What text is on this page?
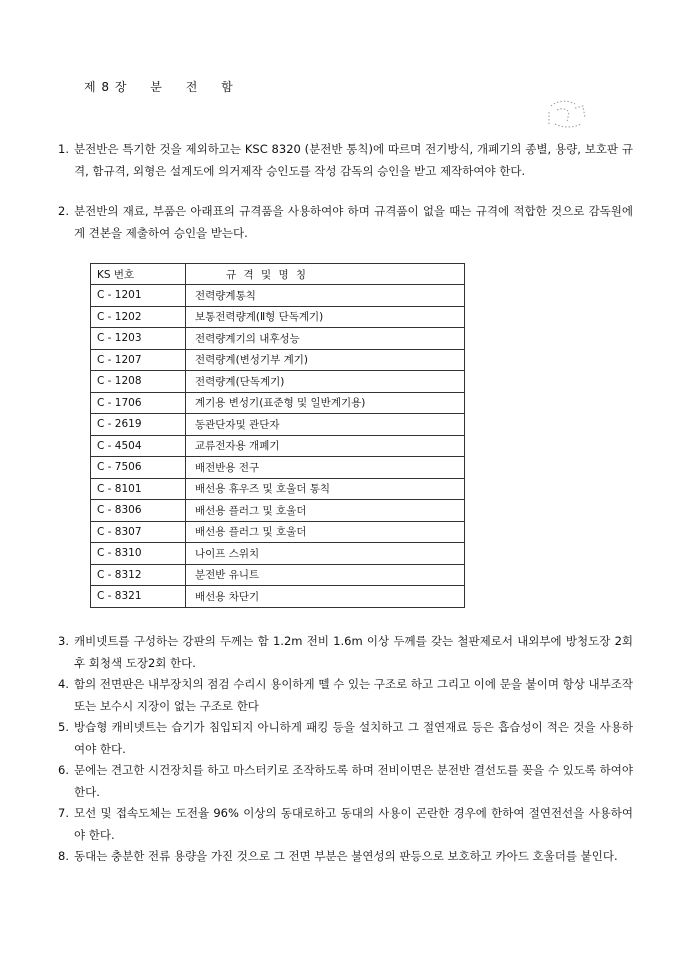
제 8 장 분 전 함
1. 분전반은 특기한 것을 제외하고는 KSC 8320 (분전반 통칙)에 따르며 전기방식, 개폐기의 종별, 용량, 보호판 규격, 함규격, 외형은 설계도에 의거제작 승인도를 작성 감독의 승인을 받고 제작하여야 한다.
2. 분전반의 재료, 부품은 아래표의 규격품을 사용하여야 하며 규격품이 없을 때는 규격에 적합한 것으로 감독원에게 견본을 제출하여 승인을 받는다.
KS 번호	규 격 및 명 칭
C - 1201	전력량계통칙
C - 1202	보통전력량계(Ⅱ형 단독계기)
C - 1203	전력량계기의 내후성능
C - 1207	전력량계(변성기부 계기)
C - 1208	전력량계(단독계기)
C - 1706	계기용 변성기(표준형 및 일반계기용)
C - 2619	동관단자및 관단자
C - 4504	교류전자용 개폐기
C - 7506	배전반용 전구
C - 8101	배선용 휴우즈 및 호울더 통칙
C - 8306	배선용 플러그 및 호울더
C - 8307	배선용 플러그 및 호울더
C - 8310	나이프 스위치
C - 8312	분전반 유니트
C - 8321	배선용 차단기
3. 캐비넷트를 구성하는 강판의 두께는 함 1.2m 전비 1.6m 이상 두께를 갖는 철판제로서 내외부에 방청도장 2회 후 회청색 도장2회 한다.
4. 함의 전면판은 내부장치의 점검 수리시 용이하게 뗄 수 있는 구조로 하고 그리고 이에 문을 붙이며 항상 내부조작 또는 보수시 지장이 없는 구조로 한다
5. 방습형 캐비넷트는 습기가 침입되지 아니하게 패킹 등을 설치하고 그 절연재료 등은 흡습성이 적은 것을 사용하여야 한다.
6. 문에는 견고한 시건장치를 하고 마스터키로 조작하도록 하며 전비이면은 분전반 결선도를 꽂을 수 있도록 하여야 한다.
7. 모선 및 접속도체는 도전율 96% 이상의 동대로하고 동대의 사용이 곤란한 경우에 한하여 절연전선을 사용하여야 한다.
8. 동대는 충분한 전류 용량을 가진 것으로 그 전면 부분은 불연성의 판등으로 보호하고 카아드 호울더를 붙인다.
